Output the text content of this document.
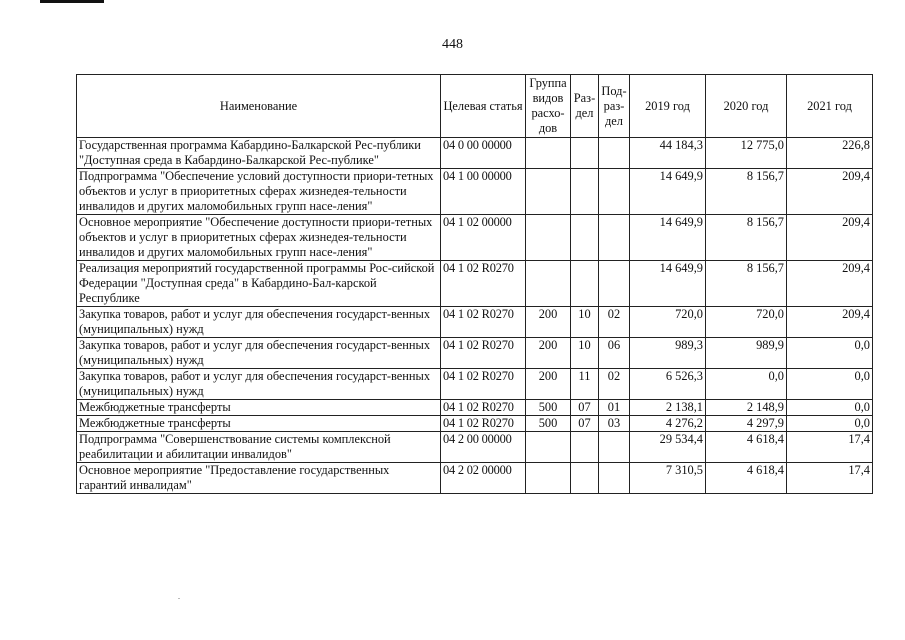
448
Наименование	Целевая статья	Группа видов расхо-дов	Раз-дел	Под-раз-дел	2019 год	2020 год	2021 год
Государственная программа Кабардино-Балкарской Рес-публики "Доступная среда в Кабардино-Балкарской Рес-публике"	04 0 00 00000				44 184,3	12 775,0	226,8
Подпрограмма "Обеспечение условий доступности приори-тетных объектов и услуг в приоритетных сферах жизнедея-тельности инвалидов и других маломобильных групп насе-ления"	04 1 00 00000				14 649,9	8 156,7	209,4
Основное мероприятие "Обеспечение доступности приори-тетных объектов и услуг в приоритетных сферах жизнедея-тельности инвалидов и других маломобильных групп насе-ления"	04 1 02 00000				14 649,9	8 156,7	209,4
Реализация мероприятий государственной программы Рос-сийской Федерации "Доступная среда" в Кабардино-Бал-карской Республике	04 1 02 R0270				14 649,9	8 156,7	209,4
Закупка товаров, работ и услуг для обеспечения государст-венных (муниципальных) нужд	04 1 02 R0270	200	10	02	720,0	720,0	209,4
Закупка товаров, работ и услуг для обеспечения государст-венных (муниципальных) нужд	04 1 02 R0270	200	10	06	989,3	989,9	0,0
Закупка товаров, работ и услуг для обеспечения государст-венных (муниципальных) нужд	04 1 02 R0270	200	11	02	6 526,3	0,0	0,0
Межбюджетные трансферты	04 1 02 R0270	500	07	01	2 138,1	2 148,9	0,0
Межбюджетные трансферты	04 1 02 R0270	500	07	03	4 276,2	4 297,9	0,0
Подпрограмма "Совершенствование системы комплексной реабилитации и абилитации инвалидов"	04 2 00 00000				29 534,4	4 618,4	17,4
Основное мероприятие "Предоставление государственных гарантий инвалидам"	04 2 02 00000				7 310,5	4 618,4	17,4
